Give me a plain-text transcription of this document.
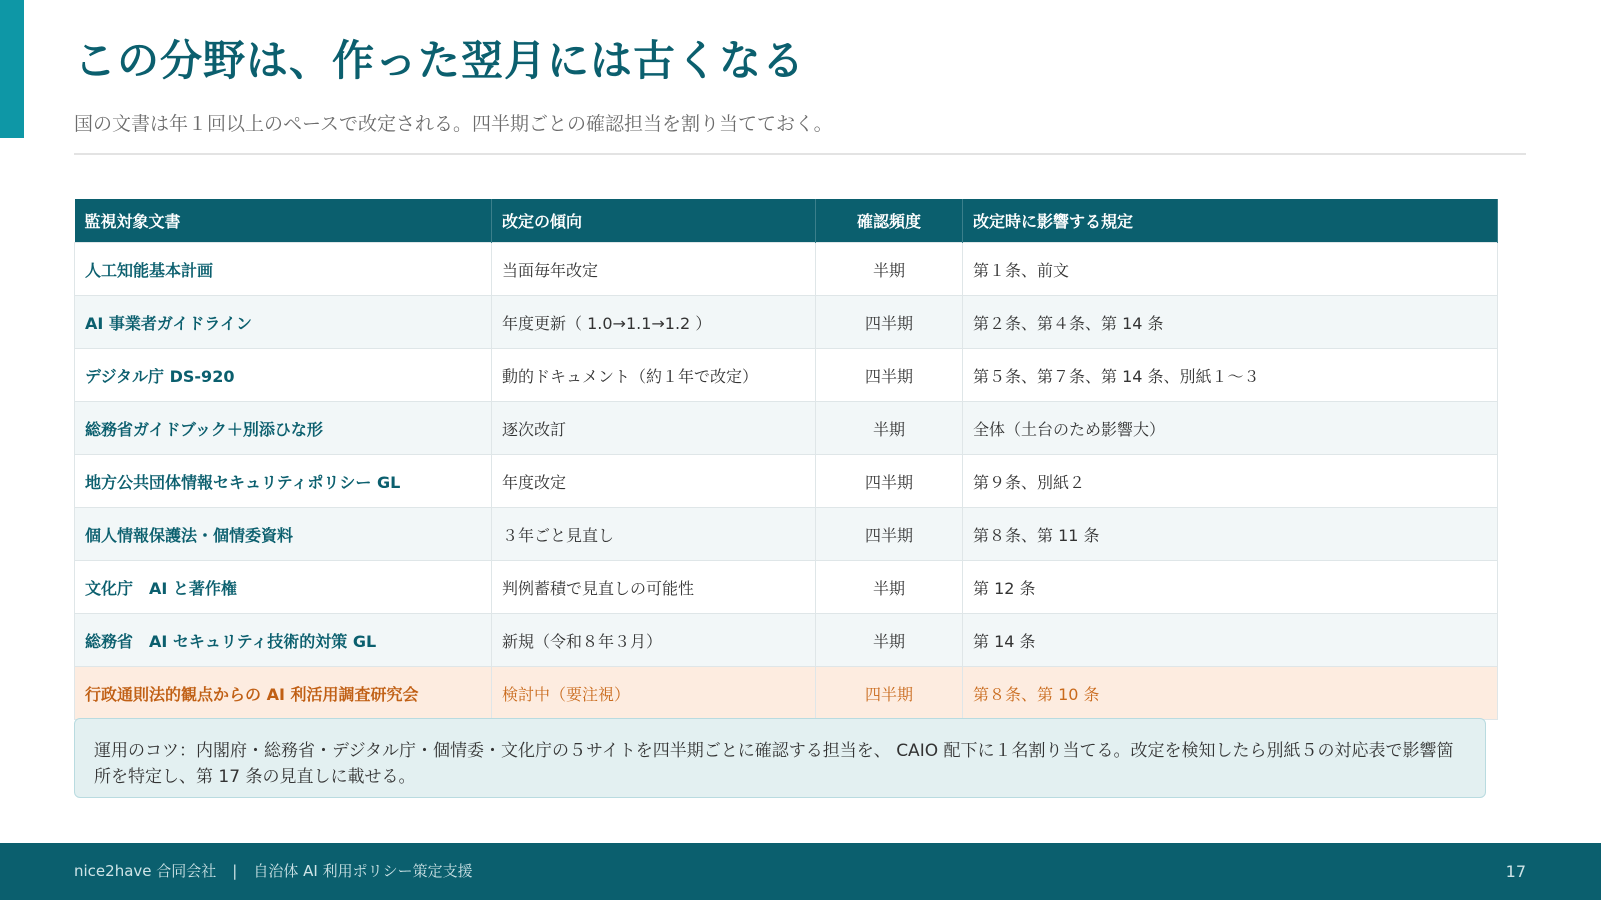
この分野は、作った翌月には古くなる
国の文書は年１回以上のペースで改定される。四半期ごとの確認担当を割り当てておく。
監視対象文書	改定の傾向	確認頻度	改定時に影響する規定
人工知能基本計画	当面毎年改定	半期	第１条、前文
AI 事業者ガイドライン	年度更新（ 1.0→1.1→1.2 ）	四半期	第２条、第４条、第 14 条
デジタル庁 DS-920	動的ドキュメント（約１年で改定）	四半期	第５条、第７条、第 14 条、別紙１〜３
総務省ガイドブック＋別添ひな形	逐次改訂	半期	全体（土台のため影響大）
地方公共団体情報セキュリティポリシー GL	年度改定	四半期	第９条、別紙２
個人情報保護法・個情委資料	３年ごと見直し	四半期	第８条、第 11 条
文化庁　AI と著作権	判例蓄積で見直しの可能性	半期	第 12 条
総務省　AI セキュリティ技術的対策 GL	新規（令和８年３月）	半期	第 14 条
行政通則法的観点からの AI 利活用調査研究会	検討中（要注視）	四半期	第８条、第 10 条
運用のコツ：内閣府・総務省・デジタル庁・個情委・文化庁の５サイトを四半期ごとに確認する担当を、 CAIO 配下に１名割り当てる。改定を検知したら別紙５の対応表で影響箇所を特定し、第 17 条の見直しに載せる。
nice2have 合同会社 | 自治体 AI 利用ポリシー策定支援	17
